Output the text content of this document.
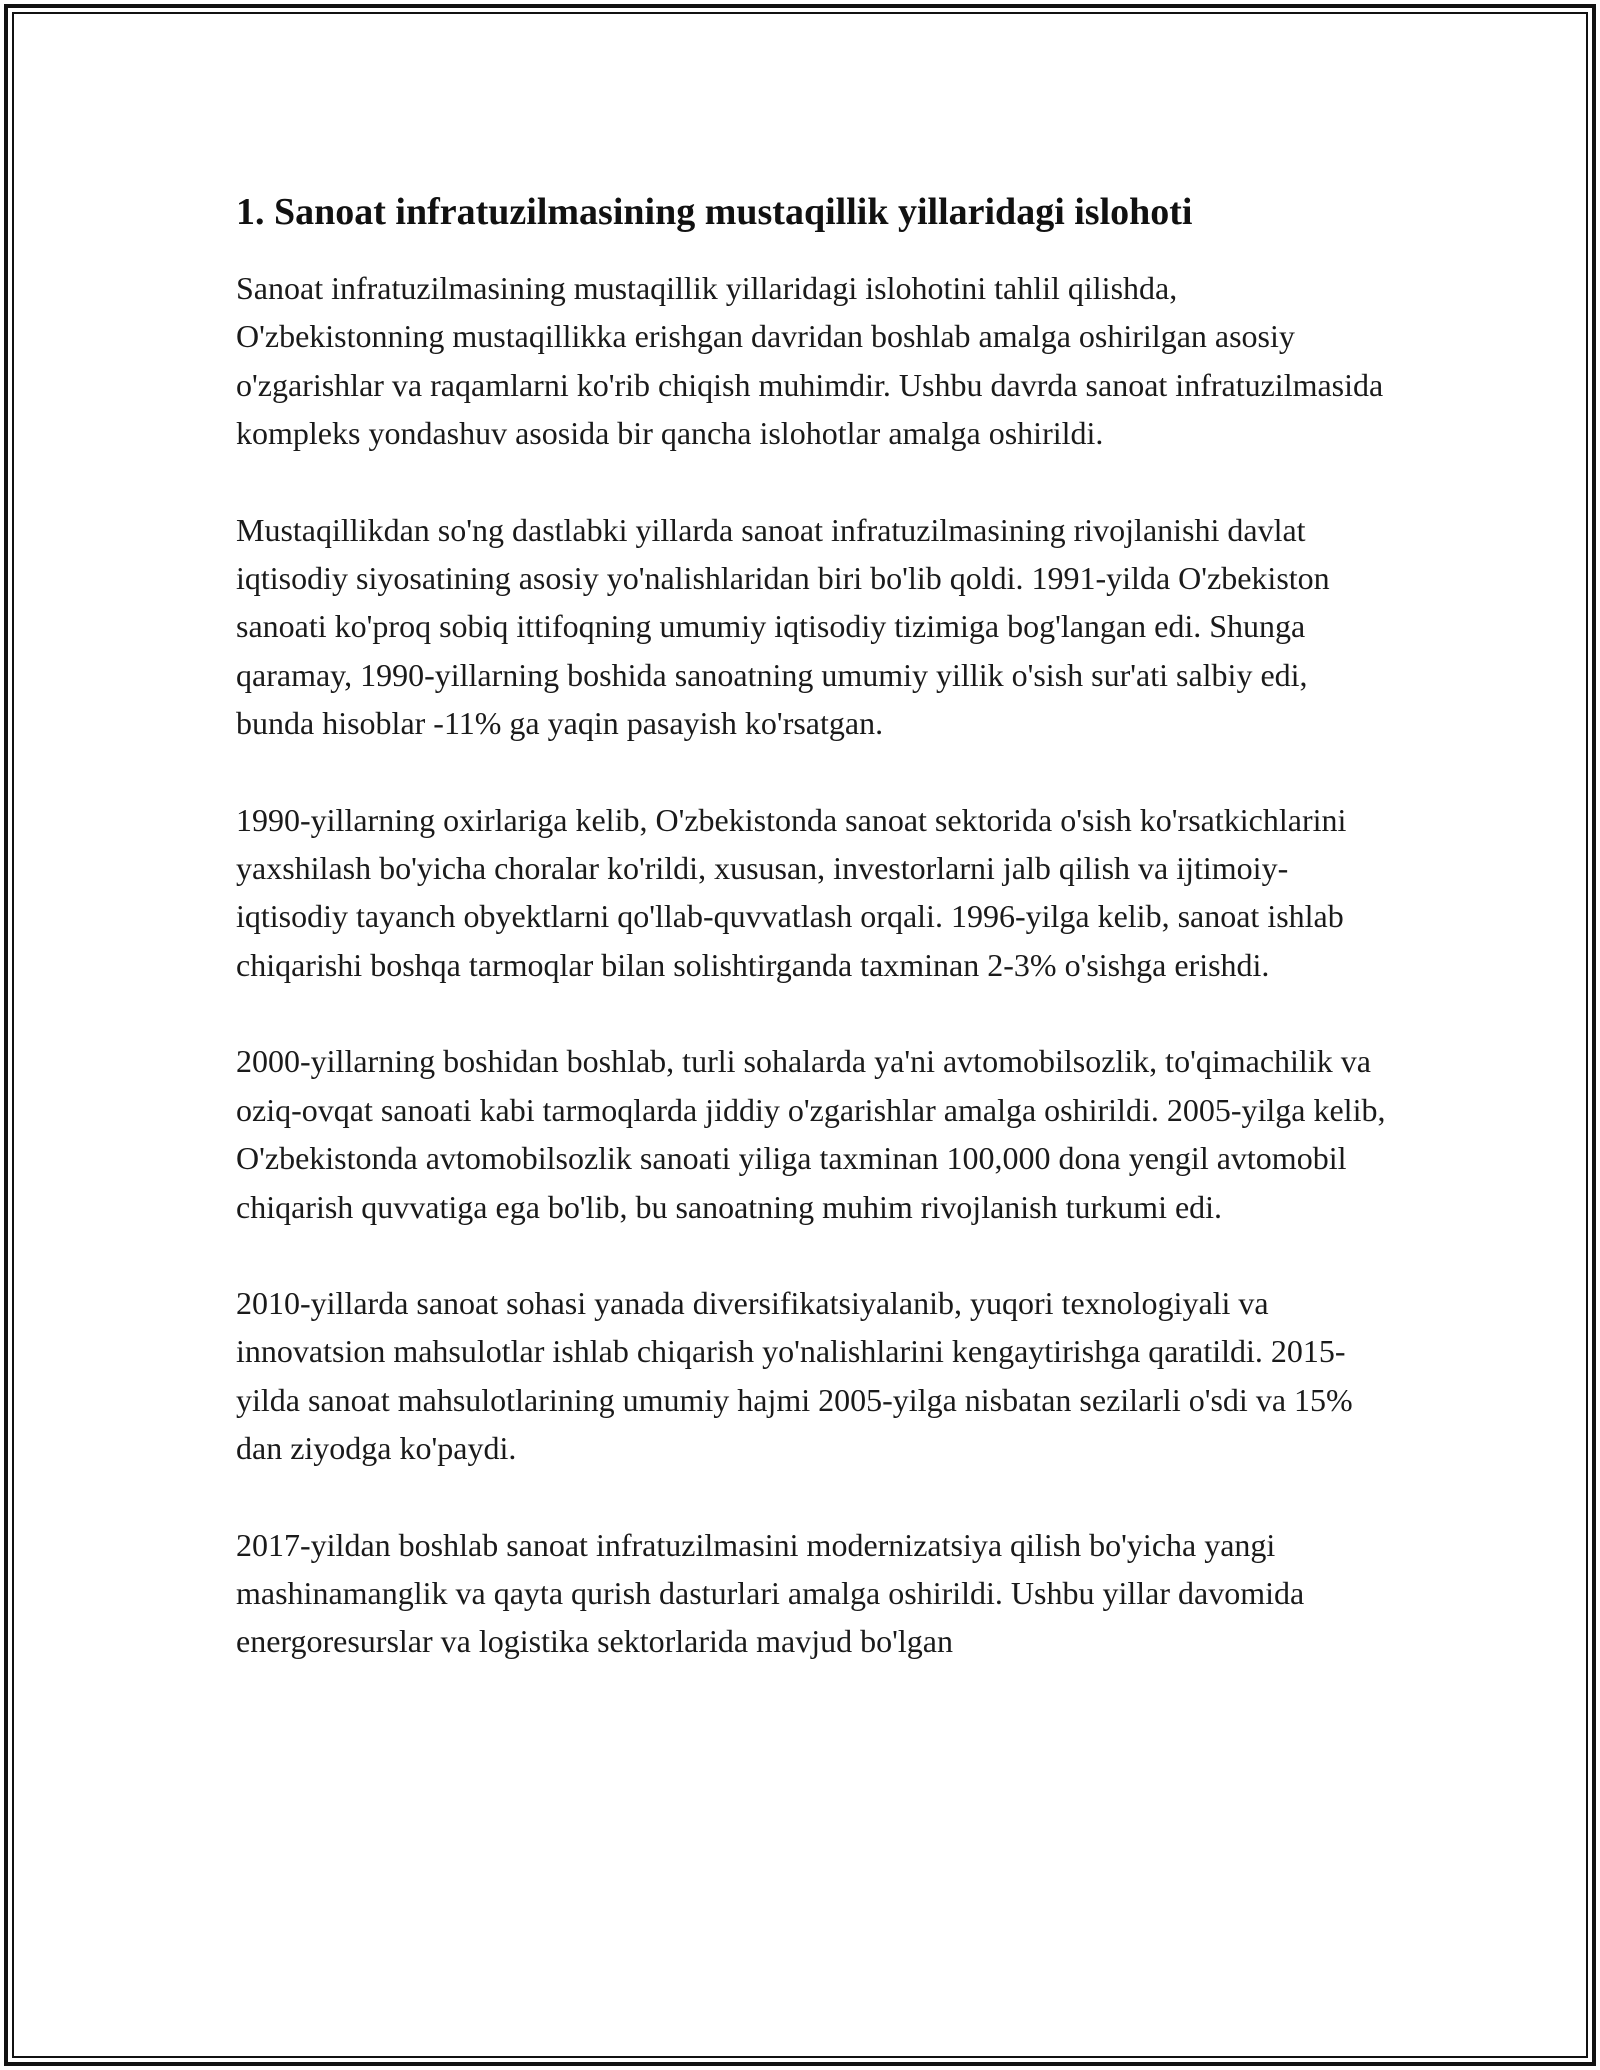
1. Sanoat infratuzilmasining mustaqillik yillaridagi islohoti

Sanoat infratuzilmasining mustaqillik yillaridagi islohotini tahlil qilishda, O'zbekistonning mustaqillikka erishgan davridan boshlab amalga oshirilgan asosiy o'zgarishlar va raqamlarni ko'rib chiqish muhimdir. Ushbu davrda sanoat infratuzilmasida kompleks yondashuv asosida bir qancha islohotlar amalga oshirildi.

Mustaqillikdan so'ng dastlabki yillarda sanoat infratuzilmasining rivojlanishi davlat iqtisodiy siyosatining asosiy yo'nalishlaridan biri bo'lib qoldi. 1991-yilda O'zbekiston sanoati ko'proq sobiq ittifoqning umumiy iqtisodiy tizimiga bog'langan edi. Shunga qaramay, 1990-yillarning boshida sanoatning umumiy yillik o'sish sur'ati salbiy edi, bunda hisoblar -11% ga yaqin pasayish ko'rsatgan.

1990-yillarning oxirlariga kelib, O'zbekistonda sanoat sektorida o'sish ko'rsatkichlarini yaxshilash bo'yicha choralar ko'rildi, xususan, investorlarni jalb qilish va ijtimoiy-iqtisodiy tayanch obyektlarni qo'llab-quvvatlash orqali. 1996-yilga kelib, sanoat ishlab chiqarishi boshqa tarmoqlar bilan solishtirganda taxminan 2-3% o'sishga erishdi.

2000-yillarning boshidan boshlab, turli sohalarda ya'ni avtomobilsozlik, to'qimachilik va oziq-ovqat sanoati kabi tarmoqlarda jiddiy o'zgarishlar amalga oshirildi. 2005-yilga kelib, O'zbekistonda avtomobilsozlik sanoati yiliga taxminan 100,000 dona yengil avtomobil chiqarish quvvatiga ega bo'lib, bu sanoatning muhim rivojlanish turkumi edi.

2010-yillarda sanoat sohasi yanada diversifikatsiyalanib, yuqori texnologiyali va innovatsion mahsulotlar ishlab chiqarish yo'nalishlarini kengaytirishga qaratildi. 2015-yilda sanoat mahsulotlarining umumiy hajmi 2005-yilga nisbatan sezilarli o'sdi va 15% dan ziyodga ko'paydi.

2017-yildan boshlab sanoat infratuzilmasini modernizatsiya qilish bo'yicha yangi mashinamanglik va qayta qurish dasturlari amalga oshirildi. Ushbu yillar davomida energoresurslar va logistika sektorlarida mavjud bo'lgan
